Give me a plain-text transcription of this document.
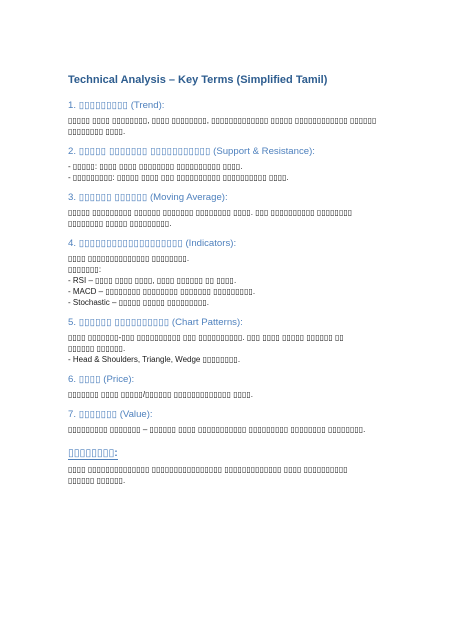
Technical Analysis – Key Terms (Simplified Tamil)
1. ▯▯▯▯▯▯▯▯▯ (Trend):

▯▯▯▯▯ ▯▯▯▯ ▯▯▯▯▯▯▯▯, ▯▯▯▯ ▯▯▯▯▯▯▯▯, ▯▯▯▯▯▯▯▯▯▯▯▯▯ ▯▯▯▯▯ ▯▯▯▯▯▯▯▯▯▯▯▯ ▯▯▯▯▯▯

▯▯▯▯▯▯▯▯ ▯▯▯▯.

2. ▯▯▯▯▯ ▯▯▯▯▯▯▯ ▯▯▯▯▯▯▯▯▯▯▯ (Support & Resistance):

- ▯▯▯▯▯: ▯▯▯▯ ▯▯▯▯ ▯▯▯▯▯▯▯▯ ▯▯▯▯▯▯▯▯▯▯ ▯▯▯▯.

- ▯▯▯▯▯▯▯▯▯: ▯▯▯▯▯ ▯▯▯▯ ▯▯▯ ▯▯▯▯▯▯▯▯▯▯ ▯▯▯▯▯▯▯▯▯▯ ▯▯▯▯.

3. ▯▯▯▯▯▯ ▯▯▯▯▯▯ (Moving Average):

▯▯▯▯▯ ▯▯▯▯▯▯▯▯▯ ▯▯▯▯▯▯ ▯▯▯▯▯▯▯ ▯▯▯▯▯▯▯▯ ▯▯▯▯. ▯▯▯ ▯▯▯▯▯▯▯▯▯▯ ▯▯▯▯▯▯▯▯

▯▯▯▯▯▯▯▯ ▯▯▯▯▯ ▯▯▯▯▯▯▯▯▯.

4. ▯▯▯▯▯▯▯▯▯▯▯▯▯▯▯▯▯▯▯ (Indicators):

▯▯▯▯ ▯▯▯▯▯▯▯▯▯▯▯▯▯▯ ▯▯▯▯▯▯▯▯.

▯▯▯▯▯▯▯:

- RSI – ▯▯▯▯ ▯▯▯▯ ▯▯▯▯, ▯▯▯▯ ▯▯▯▯▯▯ ▯▯ ▯▯▯▯.

- MACD – ▯▯▯▯▯▯▯▯ ▯▯▯▯▯▯▯▯ ▯▯▯▯▯▯▯ ▯▯▯▯▯▯▯▯▯.

- Stochastic – ▯▯▯▯▯ ▯▯▯▯▯ ▯▯▯▯▯▯▯▯▯.

5. ▯▯▯▯▯▯ ▯▯▯▯▯▯▯▯▯▯ (Chart Patterns):

▯▯▯▯ ▯▯▯▯▯▯▯-▯▯▯ ▯▯▯▯▯▯▯▯▯▯ ▯▯▯ ▯▯▯▯▯▯▯▯▯▯. ▯▯▯ ▯▯▯▯ ▯▯▯▯▯ ▯▯▯▯▯▯ ▯▯

▯▯▯▯▯▯ ▯▯▯▯▯▯.

- Head & Shoulders, Triangle, Wedge ▯▯▯▯▯▯▯▯.

6. ▯▯▯▯ (Price):

▯▯▯▯▯▯▯ ▯▯▯▯ ▯▯▯▯▯/▯▯▯▯▯▯ ▯▯▯▯▯▯▯▯▯▯▯▯▯ ▯▯▯▯.

7. ▯▯▯▯▯▯▯ (Value):

▯▯▯▯▯▯▯▯▯ ▯▯▯▯▯▯▯ – ▯▯▯▯▯▯ ▯▯▯▯ ▯▯▯▯▯▯▯▯▯▯▯ ▯▯▯▯▯▯▯▯▯ ▯▯▯▯▯▯▯▯ ▯▯▯▯▯▯▯▯.

▯▯▯▯▯▯▯▯:

▯▯▯▯ ▯▯▯▯▯▯▯▯▯▯▯▯▯▯ ▯▯▯▯▯▯▯▯▯▯▯▯▯▯▯▯ ▯▯▯▯▯▯▯▯▯▯▯▯▯ ▯▯▯▯ ▯▯▯▯▯▯▯▯▯▯

▯▯▯▯▯▯ ▯▯▯▯▯▯.
